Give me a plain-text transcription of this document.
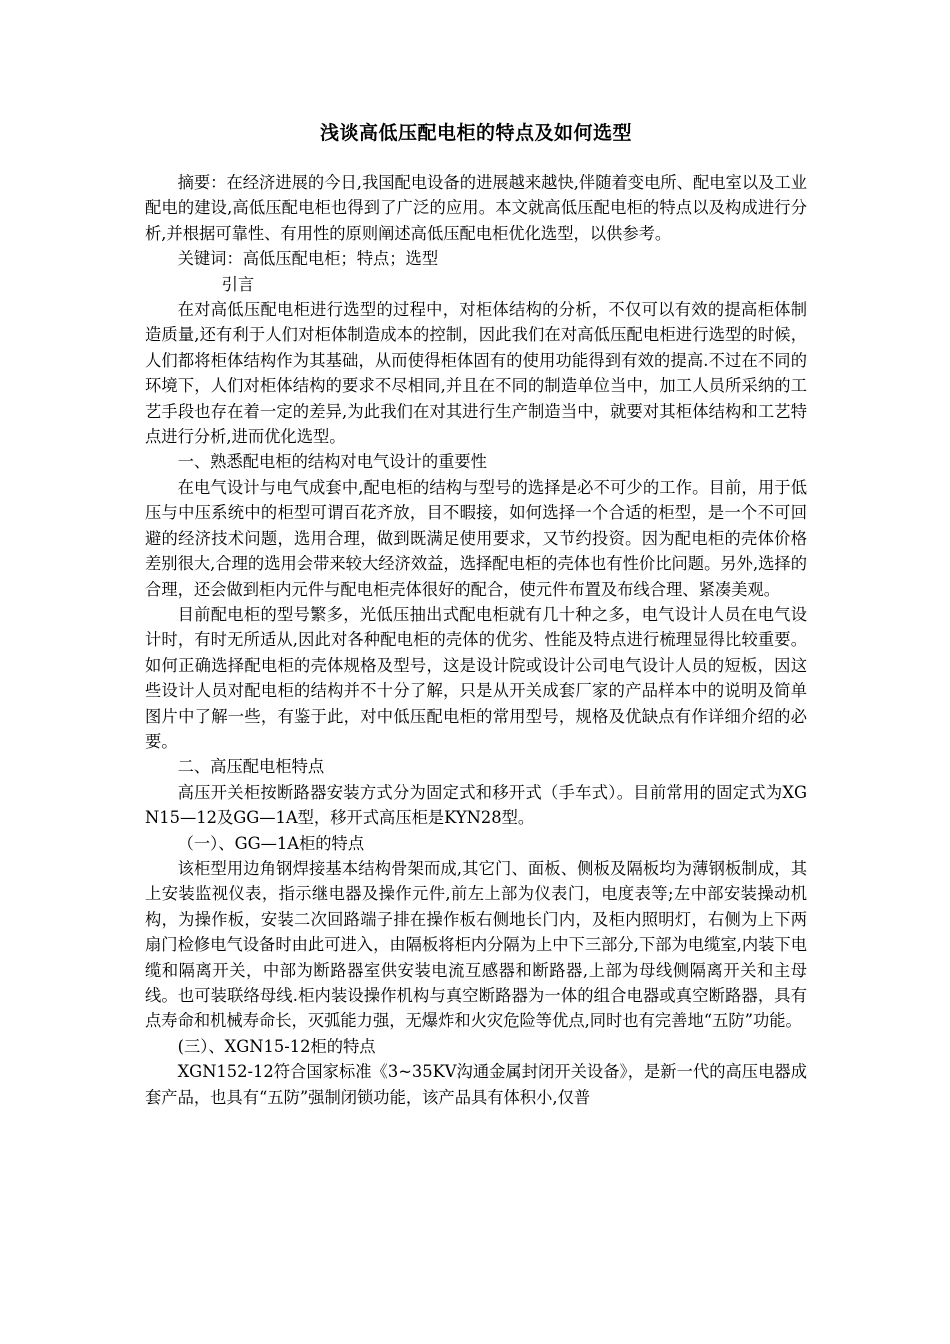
浅谈高低压配电柜的特点及如何选型

摘要：在经济进展的今日,我国配电设备的进展越来越快,伴随着变电所、配电室以及工业配电的建设,高低压配电柜也得到了广泛的应用。本文就高低压配电柜的特点以及构成进行分析,并根据可靠性、有用性的原则阐述高低压配电柜优化选型，以供参考。

关键词：高低压配电柜；特点；选型

引言

在对高低压配电柜进行选型的过程中，对柜体结构的分析，不仅可以有效的提高柜体制造质量,还有利于人们对柜体制造成本的控制，因此我们在对高低压配电柜进行选型的时候，人们都将柜体结构作为其基础，从而使得柜体固有的使用功能得到有效的提高.不过在不同的环境下，人们对柜体结构的要求不尽相同,并且在不同的制造单位当中，加工人员所采纳的工艺手段也存在着一定的差异,为此我们在对其进行生产制造当中，就要对其柜体结构和工艺特点进行分析,进而优化选型。

一、熟悉配电柜的结构对电气设计的重要性

在电气设计与电气成套中,配电柜的结构与型号的选择是必不可少的工作。目前，用于低压与中压系统中的柜型可谓百花齐放，目不暇接，如何选择一个合适的柜型，是一个不可回避的经济技术问题，选用合理，做到既满足使用要求，又节约投资。因为配电柜的壳体价格差别很大,合理的选用会带来较大经济效益，选择配电柜的壳体也有性价比问题。另外,选择的合理，还会做到柜内元件与配电柜壳体很好的配合，使元件布置及布线合理、紧凑美观。

目前配电柜的型号繁多，光低压抽出式配电柜就有几十种之多，电气设计人员在电气设计时，有时无所适从,因此对各种配电柜的壳体的优劣、性能及特点进行梳理显得比较重要。如何正确选择配电柜的壳体规格及型号，这是设计院或设计公司电气设计人员的短板，因这些设计人员对配电柜的结构并不十分了解，只是从开关成套厂家的产品样本中的说明及简单图片中了解一些，有鉴于此，对中低压配电柜的常用型号，规格及优缺点有作详细介绍的必要。

二、高压配电柜特点

高压开关柜按断路器安装方式分为固定式和移开式（手车式）。目前常用的固定式为XGN15—12及GG—1A型，移开式高压柜是KYN28型。

（一）、GG—1A柜的特点

该柜型用边角钢焊接基本结构骨架而成,其它门、面板、侧板及隔板均为薄钢板制成，其上安装监视仪表，指示继电器及操作元件,前左上部为仪表门，电度表等;左中部安装操动机构，为操作板，安装二次回路端子排在操作板右侧地长门内，及柜内照明灯，右侧为上下两扇门检修电气设备时由此可进入，由隔板将柜内分隔为上中下三部分,下部为电缆室,内装下电缆和隔离开关，中部为断路器室供安装电流互感器和断路器,上部为母线侧隔离开关和主母线。也可装联络母线.柜内装设操作机构与真空断路器为一体的组合电器或真空断路器，具有点寿命和机械寿命长，灭弧能力强，无爆炸和火灾危险等优点,同时也有完善地“五防”功能。

(三）、XGN15-12柜的特点

XGN152-12符合国家标准《3~35KV沟通金属封闭开关设备》，是新一代的高压电器成套产品，也具有“五防”强制闭锁功能，该产品具有体积小,仅普
